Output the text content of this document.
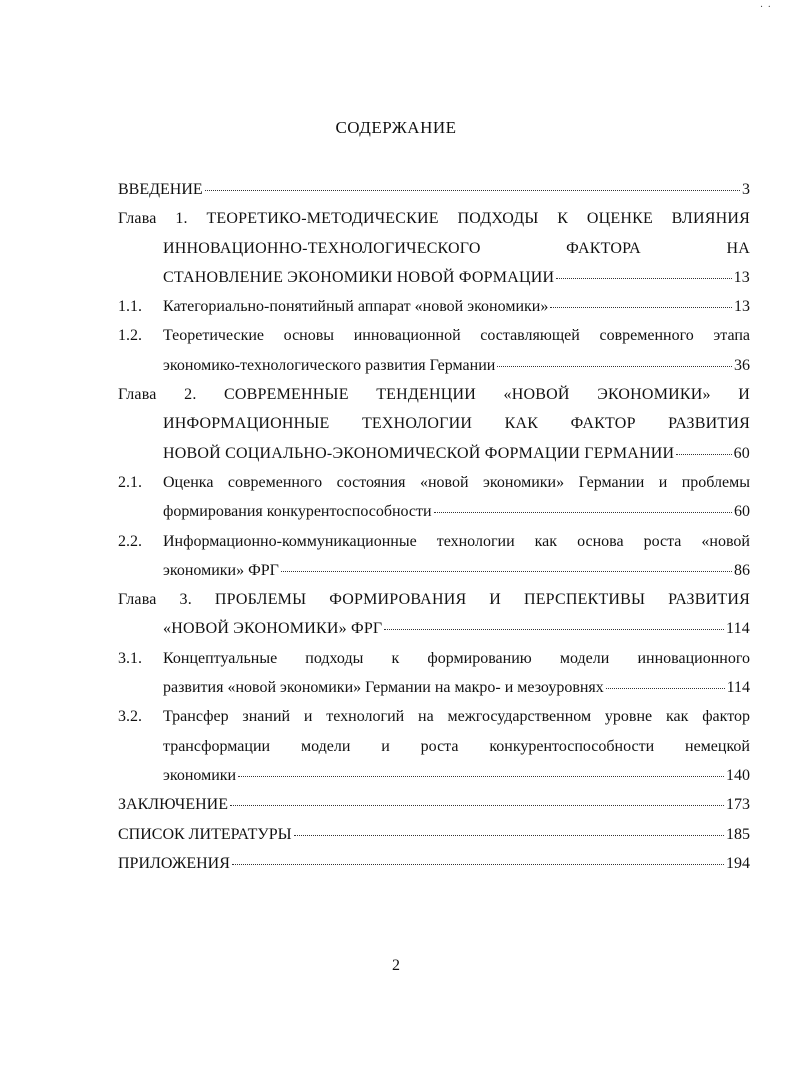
· ·
СОДЕРЖАНИЕ
ВВЕДЕНИЕ	3
Глава 1. ТЕОРЕТИКО-МЕТОДИЧЕСКИЕ ПОДХОДЫ К ОЦЕНКЕ ВЛИЯНИЯ
ИННОВАЦИОННО-ТЕХНОЛОГИЧЕСКОГО ФАКТОРА НА
СТАНОВЛЕНИЕ ЭКОНОМИКИ НОВОЙ ФОРМАЦИИ	13
1.1.	Категориально-понятийный аппарат «новой экономики»	13
1.2.	Теоретические основы инновационной составляющей современного этапа
экономико-технологического развития Германии	36
Глава 2. СОВРЕМЕННЫЕ ТЕНДЕНЦИИ «НОВОЙ ЭКОНОМИКИ» И
ИНФОРМАЦИОННЫЕ ТЕХНОЛОГИИ КАК ФАКТОР РАЗВИТИЯ
НОВОЙ СОЦИАЛЬНО-ЭКОНОМИЧЕСКОЙ ФОРМАЦИИ ГЕРМАНИИ	60
2.1.	Оценка современного состояния «новой экономики» Германии и проблемы
формирования конкурентоспособности	60
2.2.	Информационно-коммуникационные технологии как основа роста «новой
экономики» ФРГ	86
Глава 3. ПРОБЛЕМЫ ФОРМИРОВАНИЯ И ПЕРСПЕКТИВЫ РАЗВИТИЯ
«НОВОЙ ЭКОНОМИКИ» ФРГ	114
3.1.	Концептуальные подходы к формированию модели инновационного
развития «новой экономики» Германии на макро- и мезоуровнях	114
3.2.	Трансфер знаний и технологий на межгосударственном уровне как фактор
трансформации модели и роста конкурентоспособности немецкой
экономики	140
ЗАКЛЮЧЕНИЕ	173
СПИСОК ЛИТЕРАТУРЫ	185
ПРИЛОЖЕНИЯ	194
2
